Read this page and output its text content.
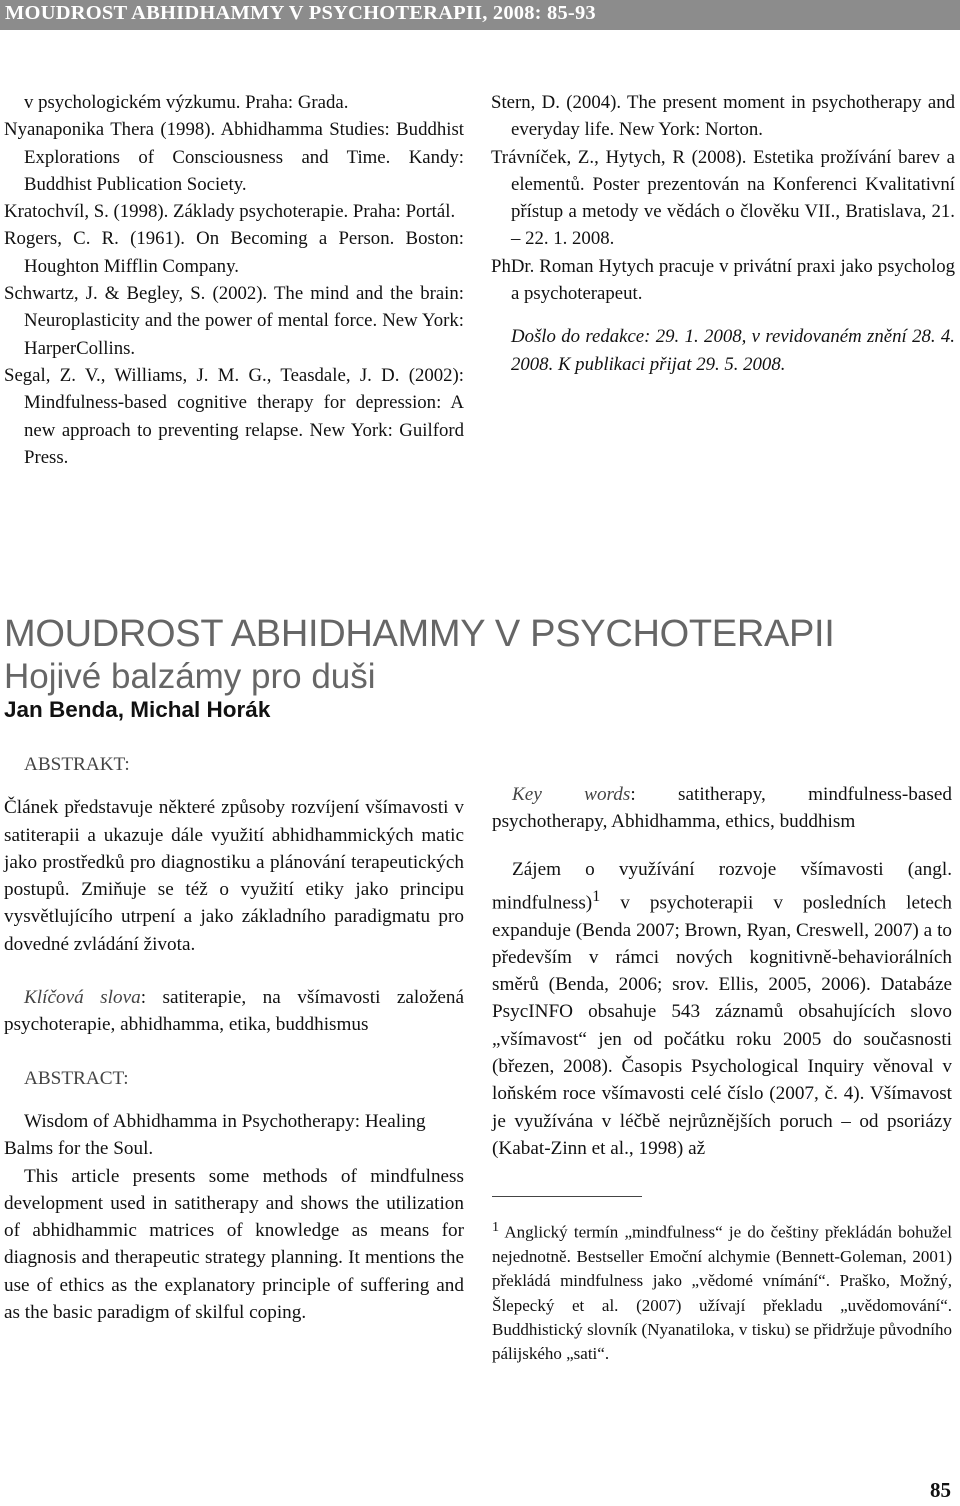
MOUDROST ABHIDHAMMY V PSYCHOTERAPII, 2008: 85-93

v psychologickém výzkumu. Praha: Grada.

Nyanaponika Thera (1998). Abhidhamma Studies: Buddhist Explorations of Consciousness and Time. Kandy: Buddhist Publication Society.

Kratochvíl, S. (1998). Základy psychoterapie. Praha: Portál.

Rogers, C. R. (1961). On Becoming a Person. Boston: Houghton Mifflin Company.

Schwartz, J. & Begley, S. (2002). The mind and the brain: Neuroplasticity and the power of mental force. New York: HarperCollins.

Segal, Z. V., Williams, J. M. G., Teasdale, J. D. (2002): Mindfulness-based cognitive therapy for depression: A new approach to preventing relapse. New York: Guilford Press.

Stern, D. (2004). The present moment in psychotherapy and everyday life. New York: Norton.

Trávníček, Z., Hytych, R (2008). Estetika prožívání barev a elementů. Poster prezentován na Konferenci Kvalitativní přístup a metody ve vědách o člověku VII., Bratislava, 21. – 22. 1. 2008.

PhDr. Roman Hytych pracuje v privátní praxi jako psycholog a psychoterapeut.

Došlo do redakce: 29. 1. 2008, v revidovaném znění 28. 4. 2008. K publikaci přijat 29. 5. 2008.

MOUDROST ABHIDHAMMY V PSYCHOTERAPII
Hojivé balzámy pro duši
Jan Benda, Michal Horák

ABSTRAKT:

Článek představuje některé způsoby rozvíjení všímavosti v satiterapii a ukazuje dále využití abhidhammických matic jako prostředků pro diagnostiku a plánování terapeutických postupů. Zmiňuje se též o využití etiky jako principu vysvětlujícího utrpení a jako základního paradigmatu pro dovedné zvládání života.

Klíčová slova: satiterapie, na všímavosti založená psychoterapie, abhidhamma, etika, buddhismus

ABSTRACT:

Wisdom of Abhidhamma in Psychotherapy: Healing Balms for the Soul.

This article presents some methods of mindfulness development used in satitherapy and shows the utilization of abhidhammic matrices of knowledge as means for diagnosis and therapeutic strategy planning. It mentions the use of ethics as the explanatory principle of suffering and as the basic paradigm of skilful coping.

Key words: satitherapy, mindfulness-based psychotherapy, Abhidhamma, ethics, buddhism

Zájem o využívání rozvoje všímavosti (angl. mindfulness)$^1$ v psychoterapii v posledních letech expanduje (Benda 2007; Brown, Ryan, Creswell, 2007) a to především v rámci nových kognitivně-behaviorálních směrů (Benda, 2006; srov. Ellis, 2005, 2006). Databáze PsycINFO obsahuje 543 záznamů obsahujících slovo „všímavost“ jen od počátku roku 2005 do současnosti (březen, 2008). Časopis Psychological Inquiry věnoval v loňském roce všímavosti celé číslo (2007, č. 4). Všímavost je využívána v léčbě nejrůznějších poruch – od psoriázy (Kabat-Zinn et al., 1998) až

$^1$ Anglický termín „mindfulness“ je do češtiny překládán bohužel nejednotně. Bestseller Emoční alchymie (Bennett-Goleman, 2001) překládá mindfulness jako „vědomé vnímání“. Praško, Možný, Šlepecký et al. (2007) užívají překladu „uvědomování“. Buddhistický slovník (Nyanatiloka, v tisku) se přidržuje původního pálijského „sati“.

85
